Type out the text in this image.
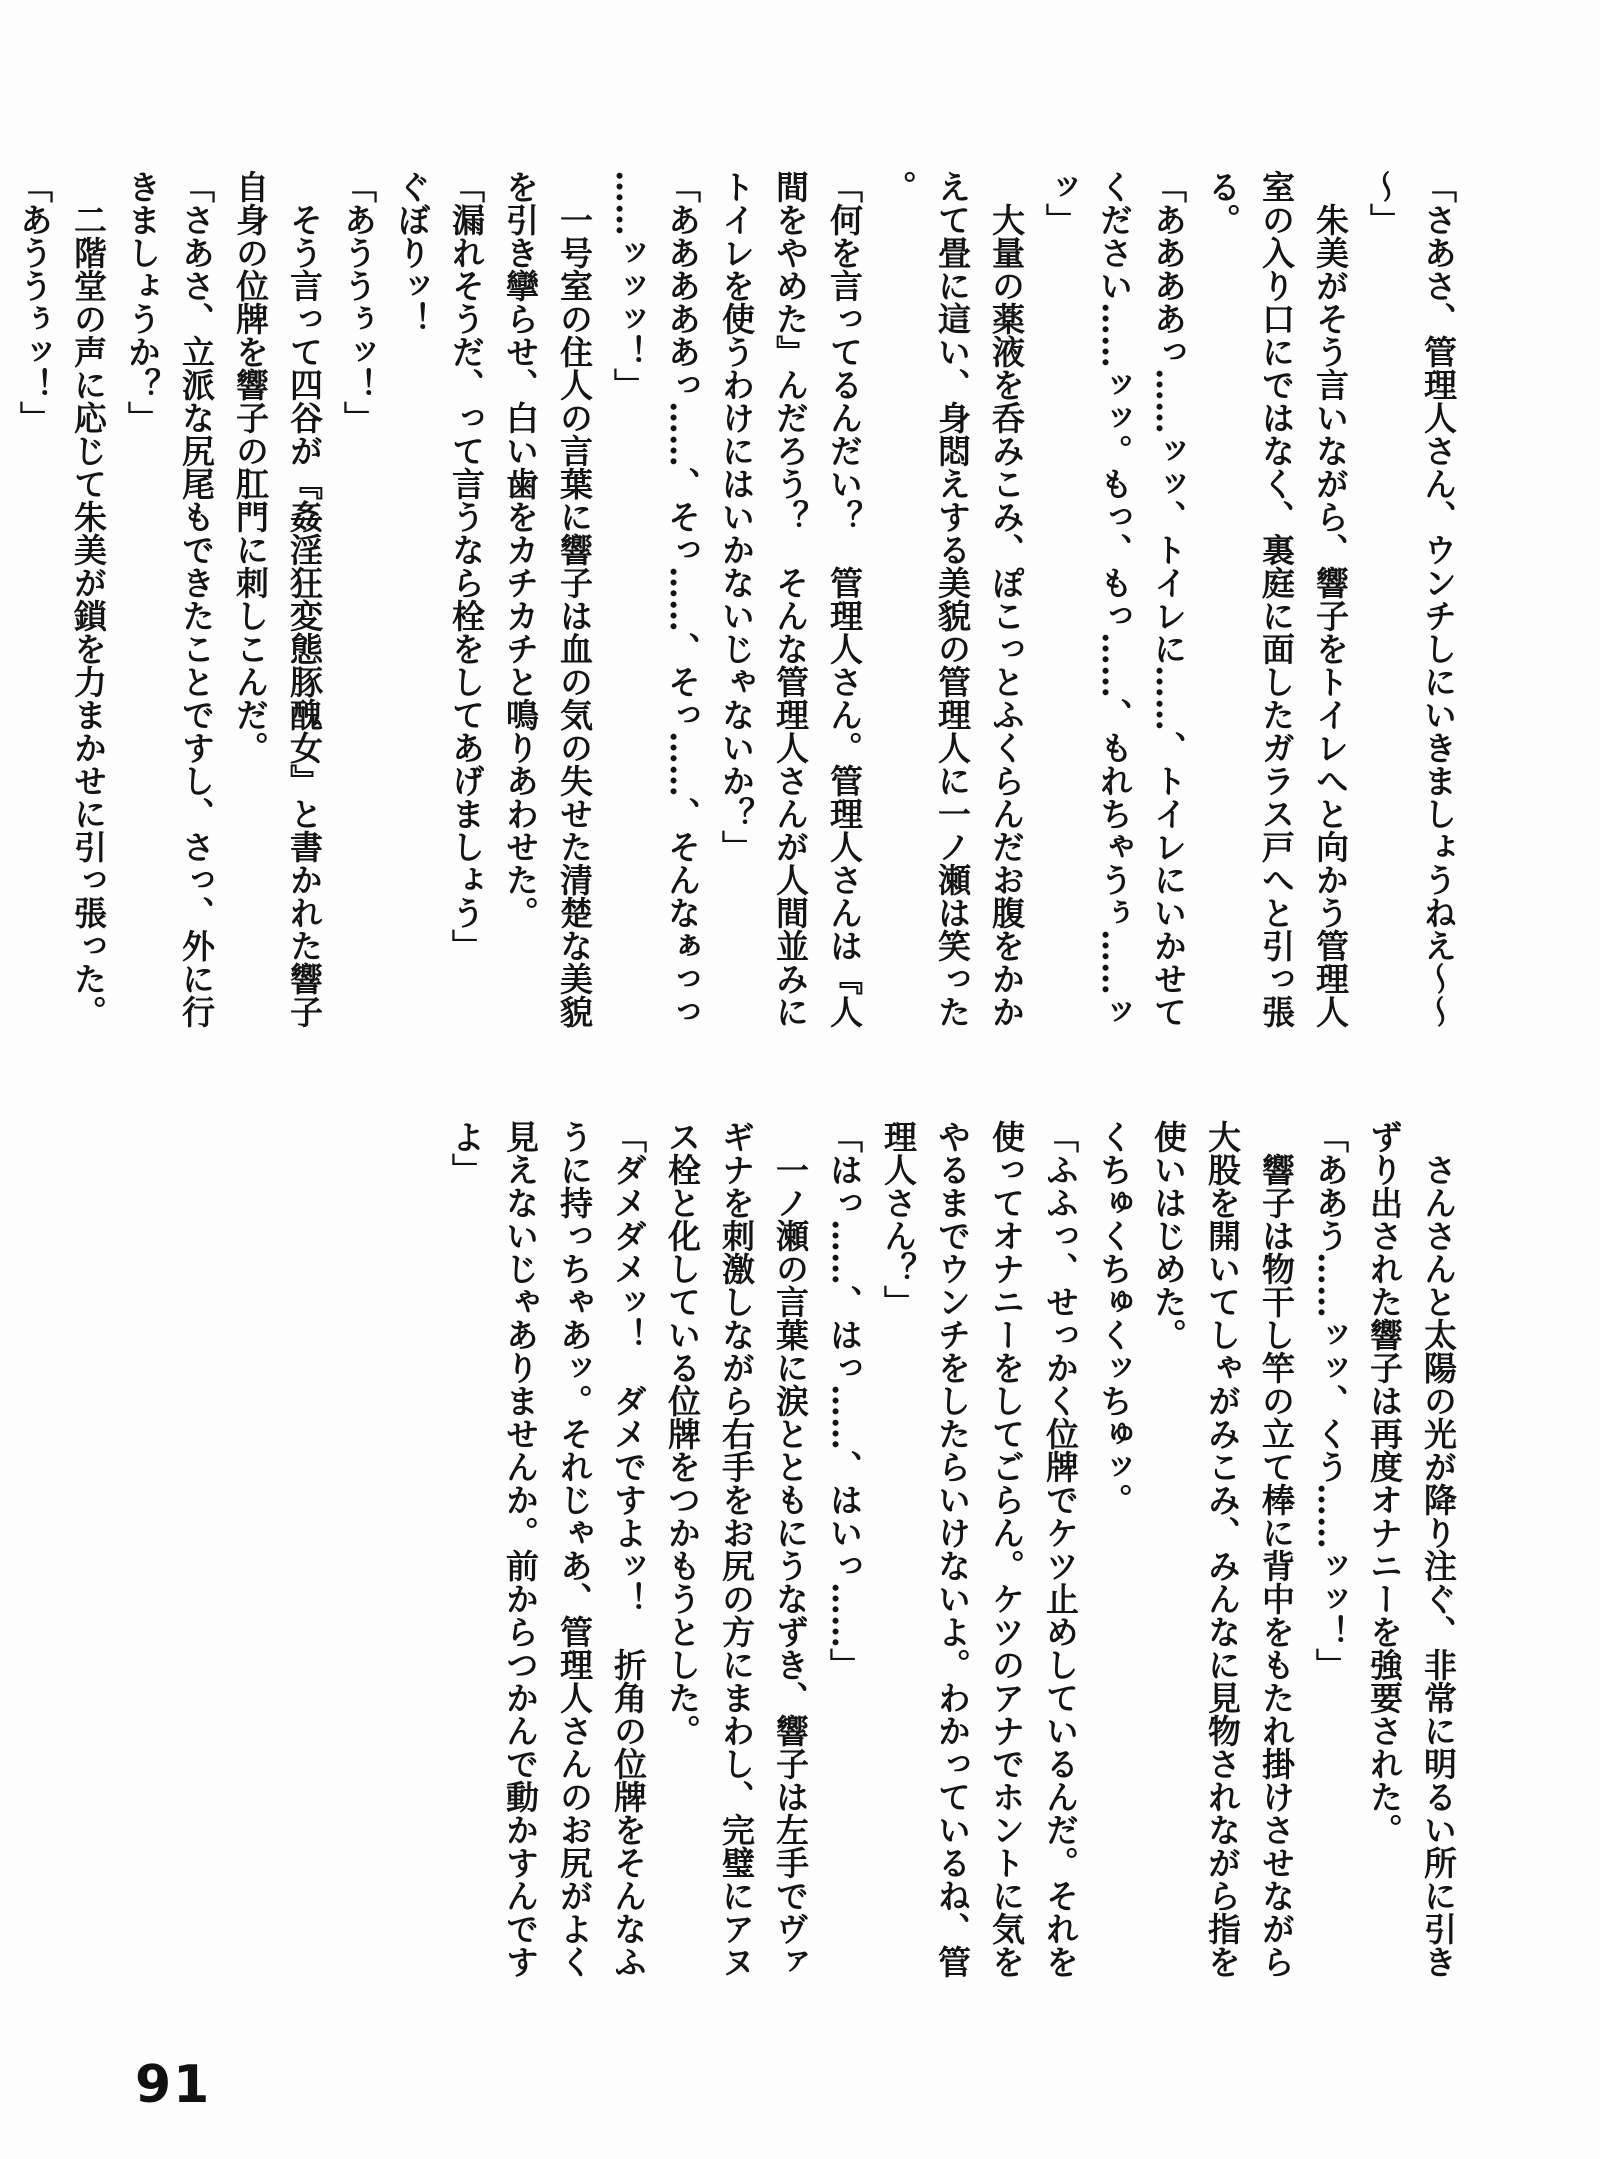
「さあさ、管理人さん、ウンチしにいきましょうねえ〜〜〜」

朱美がそう言いながら、響子をトイレへと向かう管理人室の入り口にではなく、裏庭に面したガラス戸へと引っ張る。

「ああああっ……ッッ、トイレに……、トイレにいかせてください……ッッ。もっ、もっ……、もれちゃうぅ……ッッ」

大量の薬液を呑みこみ、ぽこっとふくらんだお腹をかかえて畳に這い、身悶えする美貌の管理人に一ノ瀬は笑った。

「何を言ってるんだい？　管理人さん。管理人さんは『人間をやめた』んだろう？　そんな管理人さんが人間並みにトイレを使うわけにはいかないじゃないか？」

「あああああっ……、そっ……、そっ……、そんなぁっっ……ッッッ！」

一号室の住人の言葉に響子は血の気の失せた清楚な美貌を引き攣らせ、白い歯をカチカチと鳴りあわせた。

「漏れそうだ、って言うなら栓をしてあげましょう」

ぐぼりッ！

「あううぅッ！」

そう言って四谷が『姦淫狂変態豚醜女』と書かれた響子自身の位牌を響子の肛門に刺しこんだ。

「さあさ、立派な尻尾もできたことですし、さっ、外に行きましょうか？」

二階堂の声に応じて朱美が鎖を力まかせに引っ張った。

「あううぅッ！」

さんさんと太陽の光が降り注ぐ、非常に明るい所に引きずり出された響子は再度オナニーを強要された。

「ああう……ッッ、くう……ッッ！」

響子は物干し竿の立て棒に背中をもたれ掛けさせながら大股を開いてしゃがみこみ、みんなに見物されながら指を使いはじめた。

くちゅくちゅくッちゅッ。

「ふふっ、せっかく位牌でケツ止めしているんだ。それを使ってオナニーをしてごらん。ケツのアナでホントに気をやるまでウンチをしたらいけないよ。わかっているね、管理人さん？」

「はっ……、はっ……、はいっ……」

一ノ瀬の言葉に涙とともにうなずき、響子は左手でヴァギナを刺激しながら右手をお尻の方にまわし、完璧にアヌス栓と化している位牌をつかもうとした。

「ダメダメッ！　ダメですよッ！　折角の位牌をそんなふうに持っちゃあッ。それじゃあ、管理人さんのお尻がよく見えないじゃありませんか。前からつかんで動かすんですよ」

91
